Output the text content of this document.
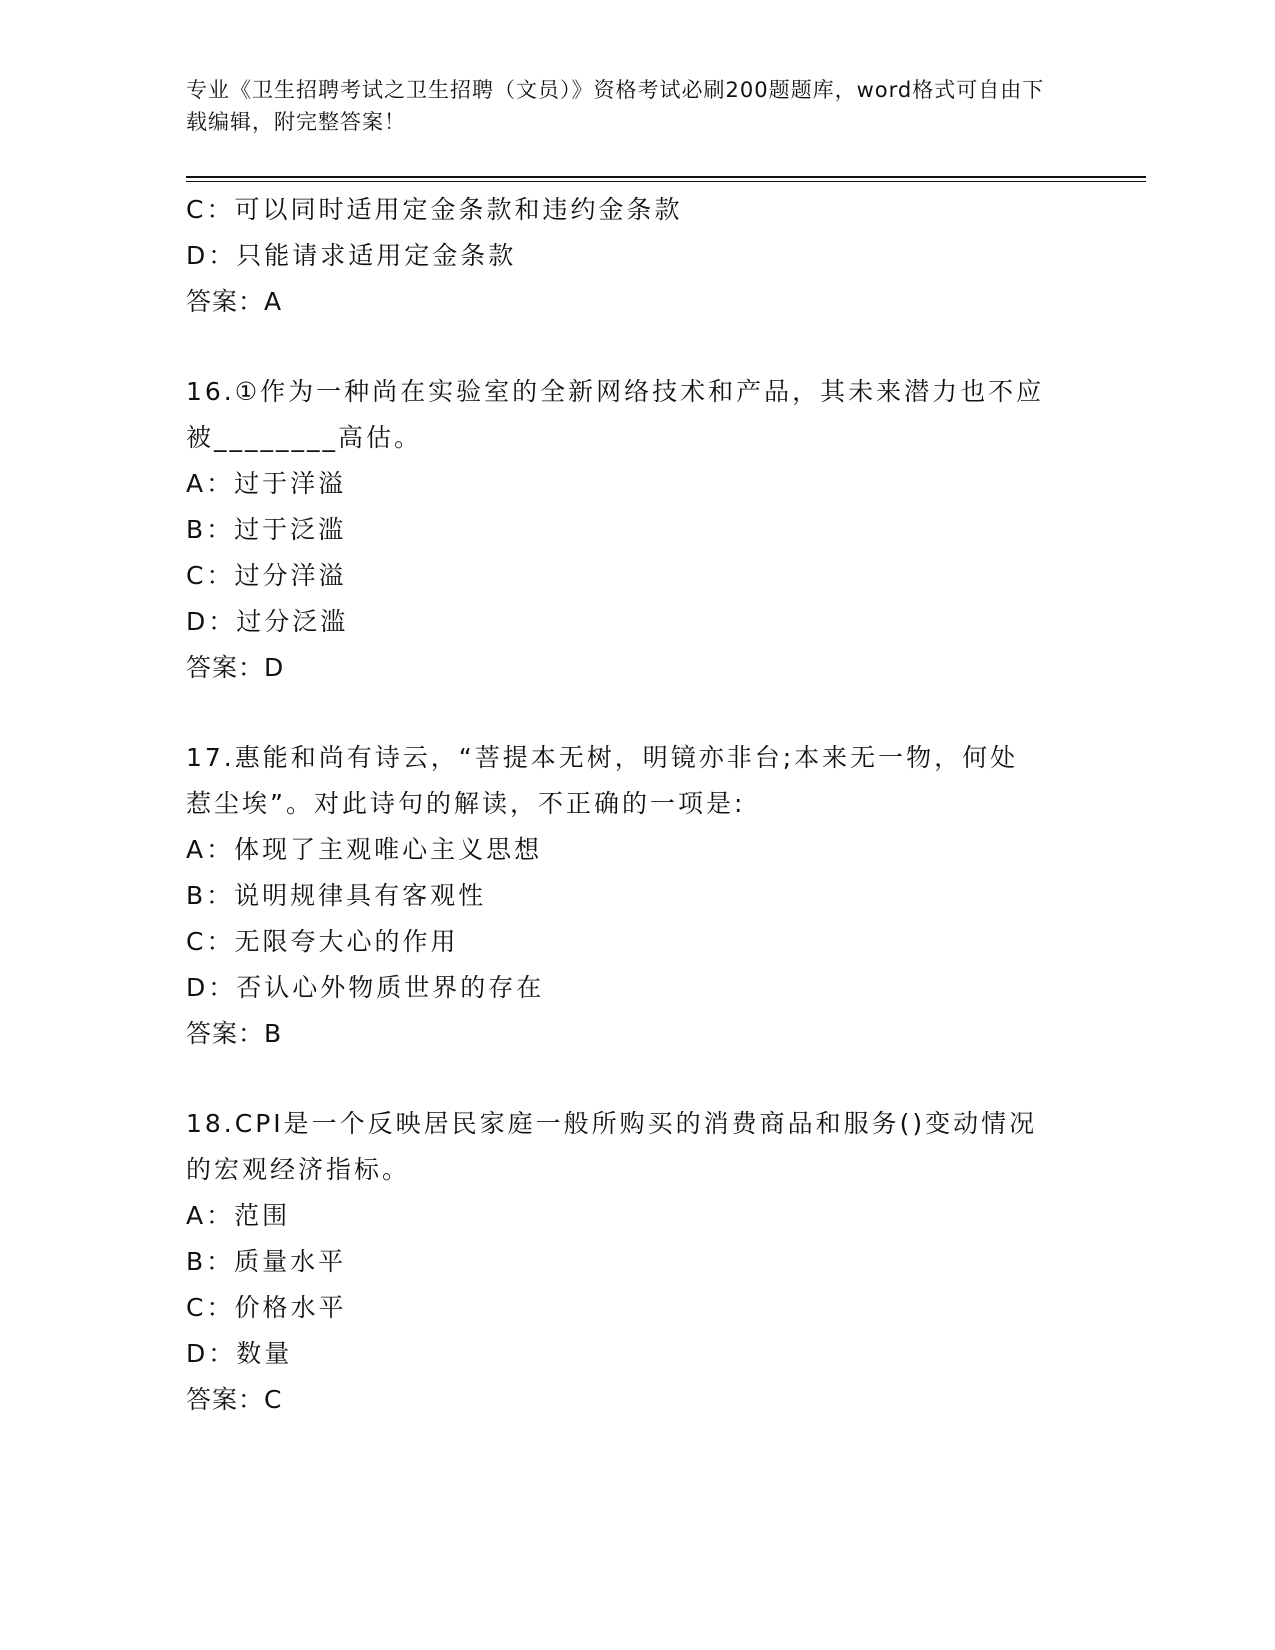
专业《卫生招聘考试之卫生招聘（文员）》资格考试必刷200题题库，word格式可自由下载编辑，附完整答案！
C：可以同时适用定金条款和违约金条款
D：只能请求适用定金条款
答案：A
16.①作为一种尚在实验室的全新网络技术和产品，其未来潜力也不应
被________高估。
A：过于洋溢
B：过于泛滥
C：过分洋溢
D：过分泛滥
答案：D
17.惠能和尚有诗云，“菩提本无树，明镜亦非台;本来无一物，何处
惹尘埃”。对此诗句的解读，不正确的一项是:
A：体现了主观唯心主义思想
B：说明规律具有客观性
C：无限夸大心的作用
D：否认心外物质世界的存在
答案：B
18.CPI是一个反映居民家庭一般所购买的消费商品和服务()变动情况
的宏观经济指标。
A：范围
B：质量水平
C：价格水平
D：数量
答案：C
